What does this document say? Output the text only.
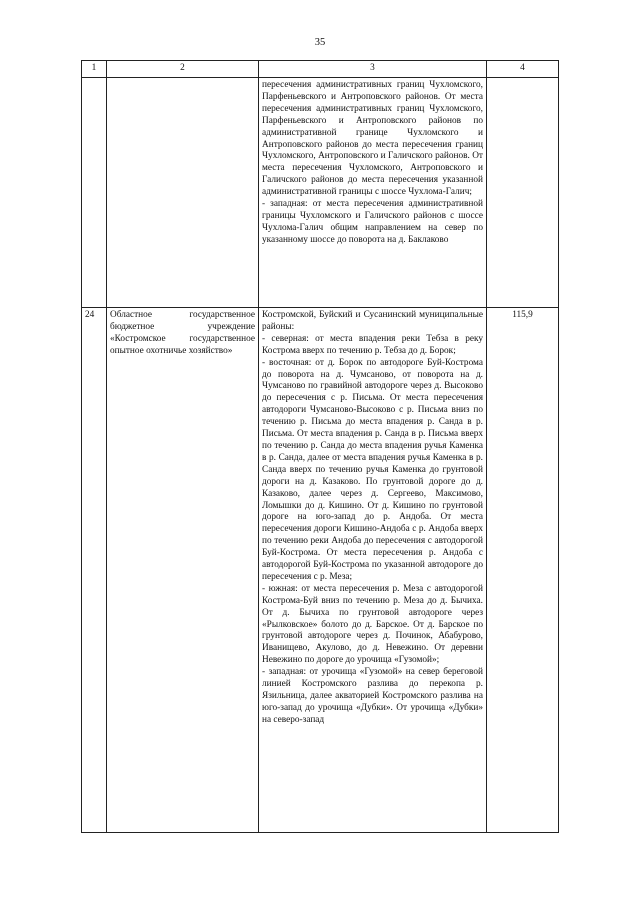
35
1	2	3	4

		пересечения административных границ Чухломского, Парфеньевского и Антроповского районов. От места пересечения административных границ Чухломского, Парфеньевского и Антроповского районов по административной границе Чухломского и Антроповского районов до места пересечения границ Чухломского, Антроповского и Галичского районов. От места пересечения Чухломского, Антроповского и Галичского районов до места пересечения указанной административной границы с шоссе Чухлома-Галич;
- западная: от места пересечения административной границы Чухломского и Галичского районов с шоссе Чухлома-Галич общим направлением на север по указанному шоссе до поворота на д. Баклаково	

24	Областное государственное бюджетное учреждение «Костромское государственное опытное охотничье хозяйство»	Костромской, Буйский и Сусанинский муниципальные районы:
- северная: от места впадения реки Тебза в реку Кострома вверх по течению р. Тебза до д. Борок;
- восточная: от д. Борок по автодороге Буй-Кострома до поворота на д. Чумсаново, от поворота на д. Чумсаново по гравийной автодороге через д. Высоково до пересечения с р. Письма. От места пересечения автодороги Чумсаново-Высоково с р. Письма вниз по течению р. Письма до места впадения р. Санда в р. Письма. От места впадения р. Санда в р. Письма вверх по течению р. Санда до места впадения ручья Каменка в р. Санда, далее от места впадения ручья Каменка в р. Санда вверх по течению ручья Каменка до грунтовой дороги на д. Казаково. По грунтовой дороге до д. Казаково, далее через д. Сергеево, Максимово, Ломышки до д. Кишино. От д. Кишино по грунтовой дороге на юго-запад до р. Андоба. От места пересечения дороги Кишино-Андоба с р. Андоба вверх по течению реки Андоба до пересечения с автодорогой Буй-Кострома. От места пересечения р. Андоба с автодорогой Буй-Кострома по указанной автодороге до пересечения с р. Меза;
- южная: от места пересечения р. Меза с автодорогой Кострома-Буй вниз по течению р. Меза до д. Бычиха. От д. Бычиха по грунтовой автодороге через «Рылковское» болото до д. Барское. От д. Барское по грунтовой автодороге через д. Починок, Абабурово, Иванищево, Акулово, до д. Невежино. От деревни Невежино по дороге до урочища «Гузомой»;
- западная: от урочища «Гузомой» на север береговой линией Костромского разлива до перекопа р. Язильница, далее акваторией Костромского разлива на юго-запад до урочища «Дубки». От урочища «Дубки» на северо-запад	115,9
